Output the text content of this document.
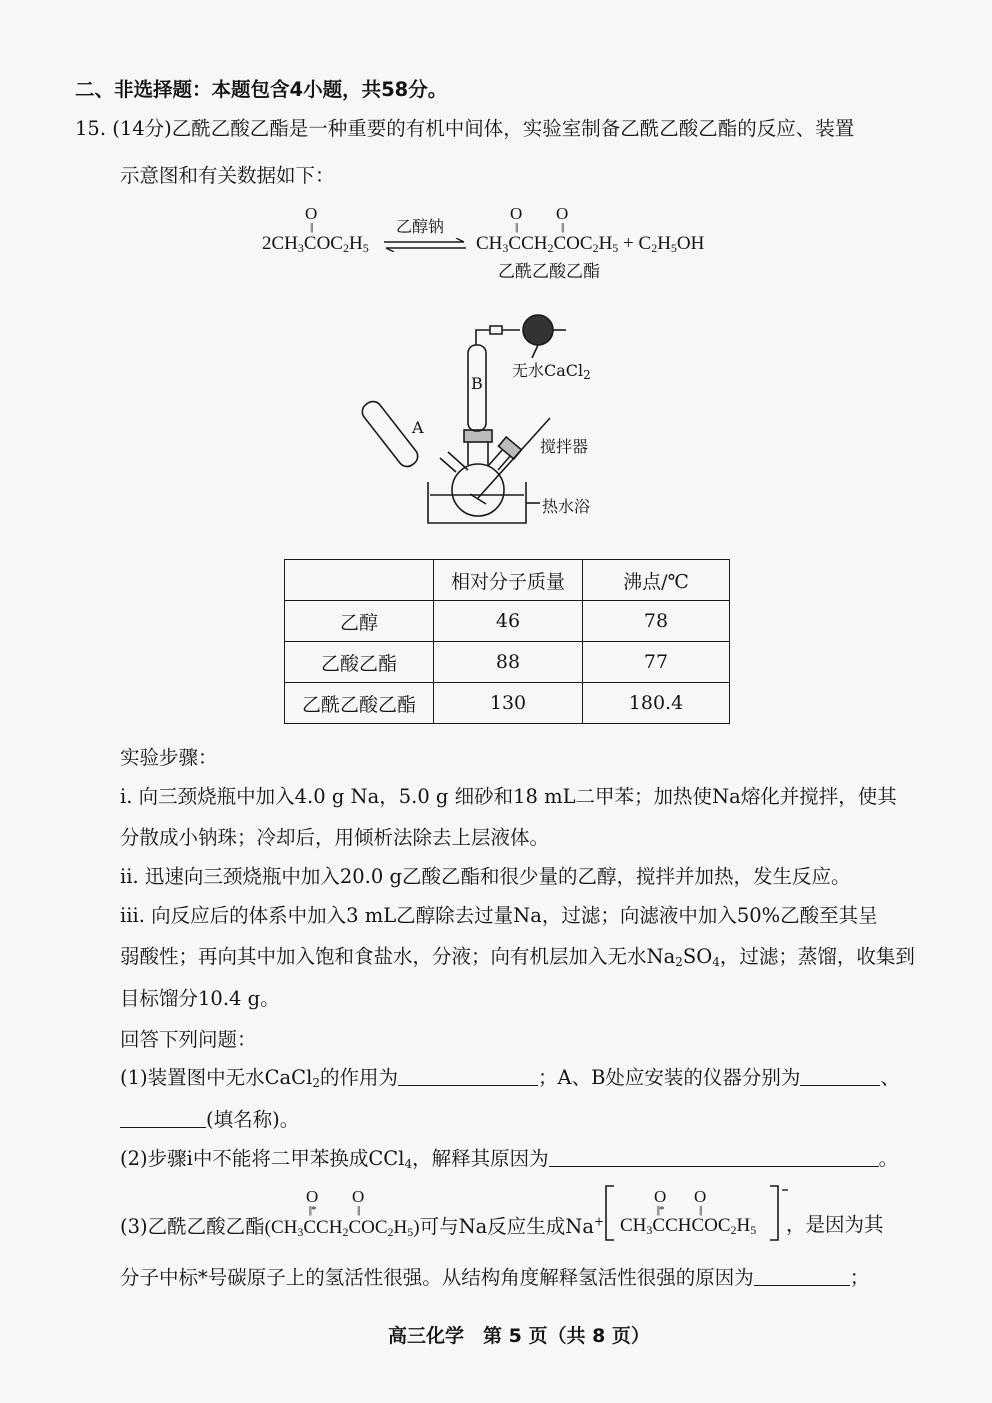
二、非选择题：本题包含4小题，共58分。
15. (14分)乙酰乙酸乙酯是一种重要的有机中间体，实验室制备乙酰乙酸乙酯的反应、装置
示意图和有关数据如下：
O
||
$2CH_3COC_2H_5$
乙醇钠
O
||
O
||
$CH_3CCH_2COC_2H_5 + C_2H_5OH$
乙酰乙酸乙酯
A
B
无水CaCl$_2$
搅拌器
热水浴
	相对分子质量	沸点/℃
乙醇	46	78
乙酸乙酯	88	77
乙酰乙酸乙酯	130	180.4
实验步骤：
i. 向三颈烧瓶中加入4.0 g Na，5.0 g 细砂和18 mL二甲苯；加热使Na熔化并搅拌，使其
分散成小钠珠；冷却后，用倾析法除去上层液体。
ii. 迅速向三颈烧瓶中加入20.0 g乙酸乙酯和很少量的乙醇，搅拌并加热，发生反应。
iii. 向反应后的体系中加入3 mL乙醇除去过量Na，过滤；向滤液中加入50%乙酸至其呈
弱酸性；再向其中加入饱和食盐水，分液；向有机层加入无水$Na_2SO_4$，过滤；蒸馏，收集到
目标馏分10.4 g。
回答下列问题：
(1)装置图中无水CaCl$_2$的作用为	；A、B处应安装的仪器分别为	、
(填名称)。
(2)步骤i中不能将二甲苯换成CCl$_4$，解释其原因为	。
O
||*
O
||
O
||*
O
||
(3)乙酰乙酸乙酯$(CH_3CCH_2COC_2H_5)$可与Na反应生成Na+ $CH_3CCHCOC_2H_5$ ，是因为其
分子中标*号碳原子上的氢活性很强。从结构角度解释氢活性很强的原因为	；
高三化学　第 5 页（共 8 页）
